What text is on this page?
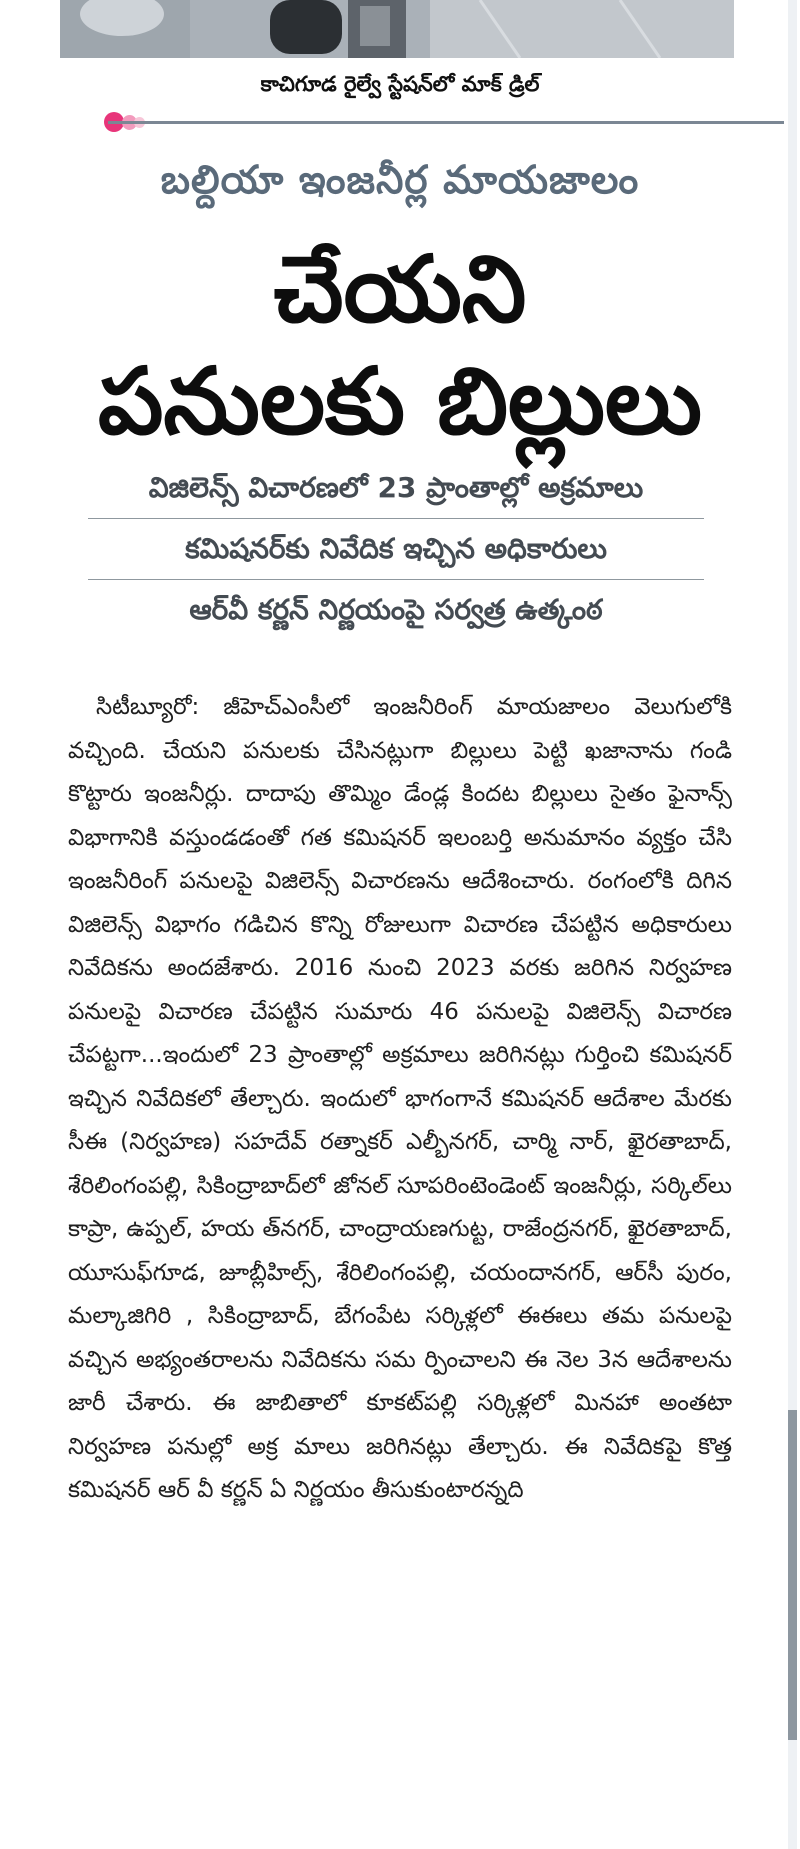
కాచిగూడ రైల్వే స్టేషన్‌లో మాక్ డ్రిల్
బల్దియా ఇంజనీర్ల మాయజాలం
చేయని
పనులకు బిల్లులు
విజిలెన్స్ విచారణలో 23 ప్రాంతాల్లో అక్రమాలు
కమిషనర్‌కు నివేదిక ఇచ్చిన అధికారులు
ఆర్‌వీ కర్ణన్ నిర్ణయంపై సర్వత్ర ఉత్కంఠ
సిటీబ్యూరో: జీహెచ్ఎంసీలో ఇంజనీరింగ్ మాయజాలం వెలుగులోకి వచ్చింది. చేయని పనులకు చేసినట్లుగా బిల్లులు పెట్టి ఖజానాను గండి కొట్టారు ఇంజనీర్లు. దాదాపు తొమ్మిం డేండ్ల కిందట బిల్లులు సైతం ఫైనాన్స్ విభాగానికి వస్తుండడంతో గత కమిషనర్ ఇలంబర్తి అనుమానం వ్యక్తం చేసి ఇంజనీరింగ్ పనులపై విజిలెన్స్ విచారణను ఆదేశించారు. రంగంలోకి దిగిన విజిలెన్స్ విభాగం గడిచిన కొన్ని రోజులుగా విచారణ చేపట్టిన అధికారులు నివేదికను అందజేశారు. 2016 నుంచి 2023 వరకు జరిగిన నిర్వహణ పనులపై విచారణ చేపట్టిన సుమారు 46 పనులపై విజిలెన్స్ విచారణ చేపట్టగా...ఇందులో 23 ప్రాంతాల్లో అక్రమాలు జరిగినట్లు గుర్తించి కమిషనర్ ఇచ్చిన నివేదికలో తేల్చారు. ఇందులో భాగంగానే కమిషనర్ ఆదేశాల మేరకు సీఈ (నిర్వహణ) సహదేవ్ రత్నాకర్ ఎల్బీనగర్, చార్మి నార్, ఖైరతాబాద్, శేరిలింగంపల్లి, సికింద్రాబాద్‌లో జోనల్ సూపరింటెండెంట్ ఇంజనీర్లు, సర్కిల్‌లు కాప్రా, ఉప్పల్, హయ త్‌నగర్, చాంద్రాయణగుట్ట, రాజేంద్రనగర్, ఖైరతాబాద్, యూసుఫ్‌గూడ, జూబ్లీహిల్స్, శేరిలింగంపల్లి, చయందానగర్, ఆర్‌సీ పురం, మల్కాజిగిరి , సికింద్రాబాద్, బేగంపేట సర్కిళ్లలో ఈఈలు తమ పనులపై వచ్చిన అభ్యంతరాలను నివేదికను సమ ర్పించాలని ఈ నెల 3న ఆదేశాలను జారీ చేశారు. ఈ జాబితాలో కూకట్‌పల్లి సర్కిళ్లలో మినహా అంతటా నిర్వహణ పనుల్లో అక్ర మాలు జరిగినట్లు తేల్చారు. ఈ నివేదికపై కొత్త కమిషనర్ ఆర్ వీ కర్ణన్ ఏ నిర్ణయం తీసుకుంటారన్నది
